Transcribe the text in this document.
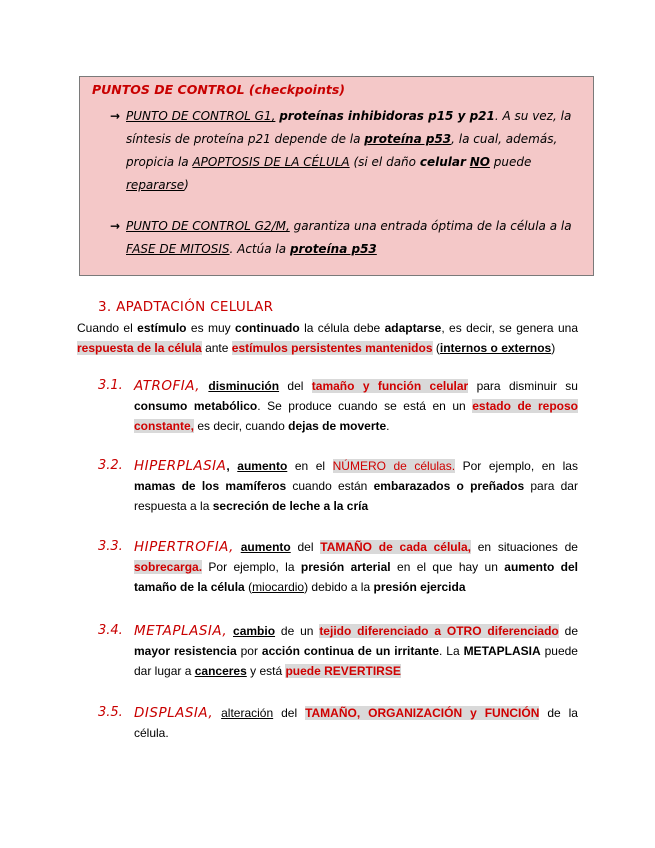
PUNTOS DE CONTROL (checkpoints)
→ PUNTO DE CONTROL G1, proteínas inhibidoras p15 y p21. A su vez, la síntesis de proteína p21 depende de la proteína p53, la cual, además, propicia la APOPTOSIS DE LA CÉLULA (si el daño celular NO puede repararse)
→ PUNTO DE CONTROL G2/M, garantiza una entrada óptima de la célula a la FASE DE MITOSIS. Actúa la proteína p53
3. APADTACIÓN CELULAR
Cuando el estímulo es muy continuado la célula debe adaptarse, es decir, se genera una respuesta de la célula ante estímulos persistentes mantenidos (internos o externos)
3.1. ATROFIA, disminución del tamaño y función celular para disminuir su consumo metabólico. Se produce cuando se está en un estado de reposo constante, es decir, cuando dejas de moverte.
3.2. HIPERPLASIA, aumento en el NÚMERO de células. Por ejemplo, en las mamas de los mamíferos cuando están embarazados o preñados para dar respuesta a la secreción de leche a la cría
3.3. HIPERTROFIA, aumento del TAMAÑO de cada célula, en situaciones de sobrecarga. Por ejemplo, la presión arterial en el que hay un aumento del tamaño de la célula (miocardio) debido a la presión ejercida
3.4. METAPLASIA, cambio de un tejido diferenciado a OTRO diferenciado de mayor resistencia por acción continua de un irritante. La METAPLASIA puede dar lugar a canceres y está puede REVERTIRSE
3.5. DISPLASIA, alteración del TAMAÑO, ORGANIZACIÓN y FUNCIÓN de la célula.
